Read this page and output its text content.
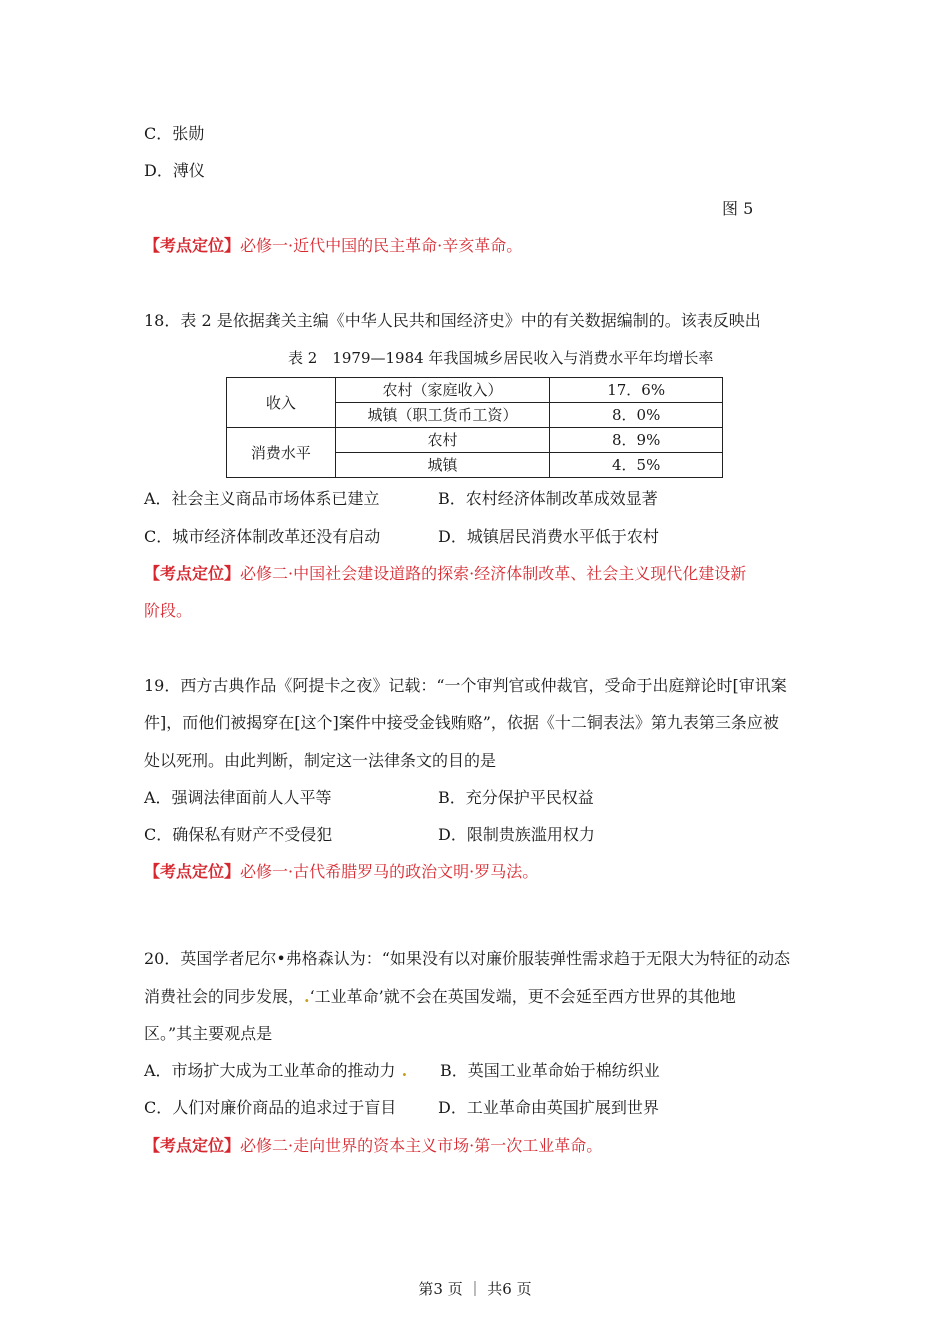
C．张勋
D．溥仪
图 5
【考点定位】必修一·近代中国的民主革命·辛亥革命。
18．表 2 是依据龚关主编《中华人民共和国经济史》中的有关数据编制的。该表反映出
表 2　1979—1984 年我国城乡居民收入与消费水平年均增长率
收入	农村（家庭收入）	17．6%
	城镇（职工货币工资）	8．0%
消费水平	农村	8．9%
	城镇	4．5%
A．社会主义商品市场体系已建立	B．农村经济体制改革成效显著
C．城市经济体制改革还没有启动	D．城镇居民消费水平低于农村
【考点定位】必修二·中国社会建设道路的探索·经济体制改革、社会主义现代化建设新
阶段。
19．西方古典作品《阿提卡之夜》记载：“一个审判官或仲裁官，受命于出庭辩论时[审讯案
件]，而他们被揭穿在[这个]案件中接受金钱贿赂”，依据《十二铜表法》第九表第三条应被
处以死刑。由此判断，制定这一法律条文的目的是
A．强调法律面前人人平等	B．充分保护平民权益
C．确保私有财产不受侵犯	D．限制贵族滥用权力
【考点定位】必修一·古代希腊罗马的政治文明·罗马法。
20．英国学者尼尔•弗格森认为：“如果没有以对廉价服装弹性需求趋于无限大为特征的动态
消费社会的同步发展，.‘工业革命’就不会在英国发端，更不会延至西方世界的其他地
区。”其主要观点是
A．市场扩大成为工业革命的推动力 . B．英国工业革命始于棉纺织业
C．人们对廉价商品的追求过于盲目	D．工业革命由英国扩展到世界
【考点定位】必修二·走向世界的资本主义市场·第一次工业革命。
第3 页 ｜ 共6 页
